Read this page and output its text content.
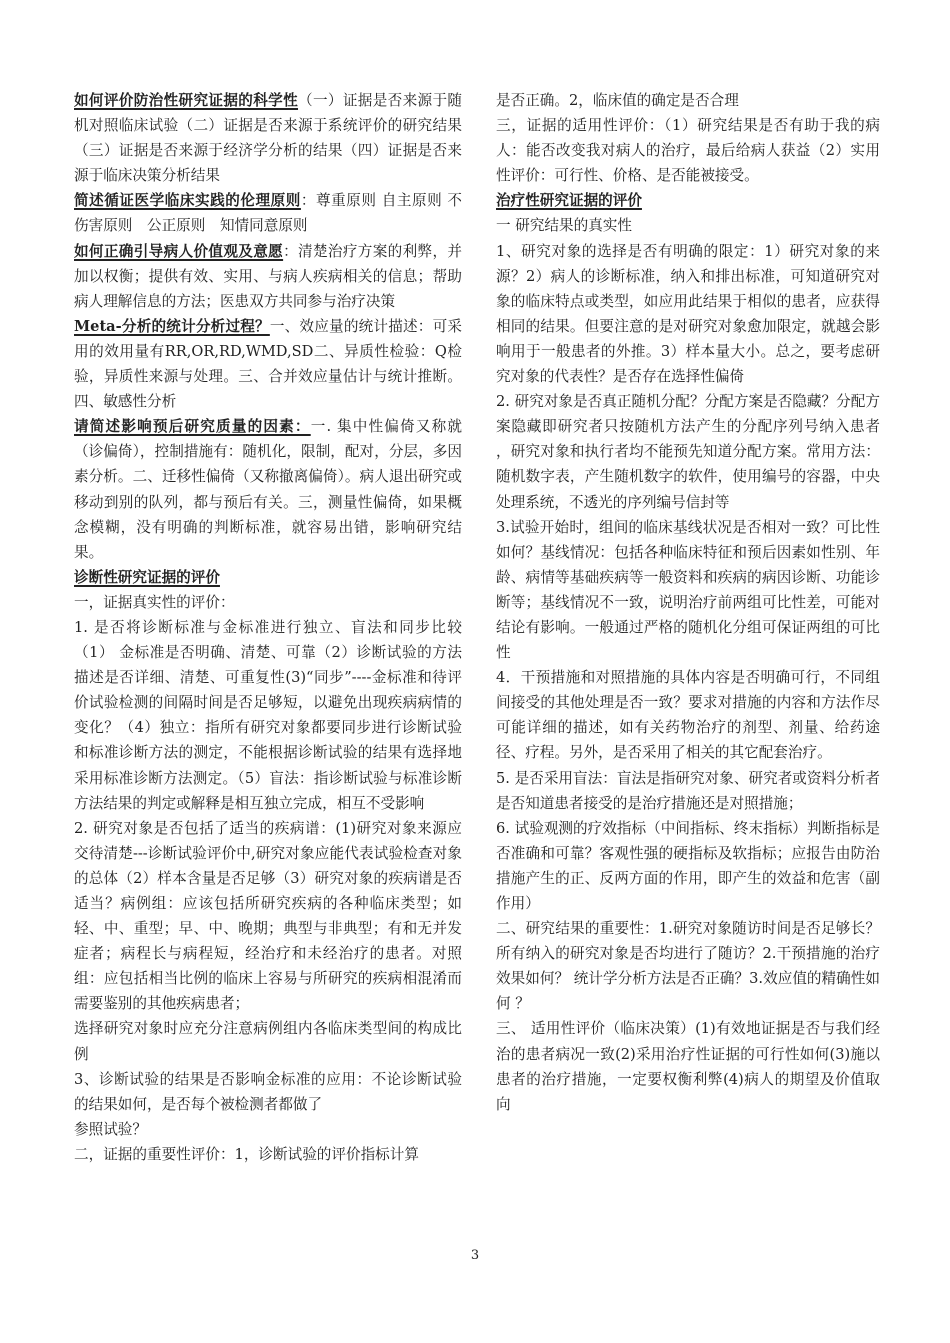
如何评价防治性研究证据的科学性（一）证据是否来源于随机对照临床试验（二）证据是否来源于系统评价的研究结果（三）证据是否来源于经济学分析的结果（四）证据是否来源于临床决策分析结果

简述循证医学临床实践的伦理原则：尊重原则 自主原则 不伤害原则　公正原则　知情同意原则

如何正确引导病人价值观及意愿：清楚治疗方案的利弊，并加以权衡；提供有效、实用、与病人疾病相关的信息；帮助病人理解信息的方法；医患双方共同参与治疗决策

Meta-分析的统计分析过程？一、效应量的统计描述：可采用的效用量有RR,OR,RD,WMD,SD二、异质性检验：Q检验，异质性来源与处理。三、合并效应量估计与统计推断。四、敏感性分析

请简述影响预后研究质量的因素：一. 集中性偏倚又称就（诊偏倚），控制措施有：随机化，限制，配对，分层，多因素分析。二、迁移性偏倚（又称撤离偏倚）。病人退出研究或移动到别的队列，都与预后有关。三，测量性偏倚，如果概念模糊，没有明确的判断标准，就容易出错，影响研究结果。

诊断性研究证据的评价

一，证据真实性的评价：

1. 是否将诊断标准与金标准进行独立、盲法和同步比较（1） 金标准是否明确、清楚、可靠（2）诊断试验的方法描述是否详细、清楚、可重复性(3)“同步”----金标准和待评价试验检测的间隔时间是否足够短，以避免出现疾病病情的变化？（4）独立：指所有研究对象都要同步进行诊断试验和标准诊断方法的测定，不能根据诊断试验的结果有选择地采用标准诊断方法测定。（5）盲法：指诊断试验与标准诊断方法结果的判定或解释是相互独立完成，相互不受影响

2. 研究对象是否包括了适当的疾病谱：(1)研究对象来源应交待清楚---诊断试验评价中,研究对象应能代表试验检查对象的总体（2）样本含量是否足够（3）研究对象的疾病谱是否适当？病例组：应该包括所研究疾病的各种临床类型；如轻、中、重型；早、中、晚期；典型与非典型；有和无并发症者；病程长与病程短，经治疗和未经治疗的患者。对照组：应包括相当比例的临床上容易与所研究的疾病相混淆而需要鉴别的其他疾病患者；

选择研究对象时应充分注意病例组内各临床类型间的构成比例

3、诊断试验的结果是否影响金标准的应用：不论诊断试验的结果如何，是否每个被检测者都做了

参照试验？

二，证据的重要性评价：1，诊断试验的评价指标计算

是否正确。2，临床值的确定是否合理

三，证据的适用性评价：（1）研究结果是否有助于我的病人：能否改变我对病人的治疗，最后给病人获益（2）实用性评价：可行性、价格、是否能被接受。

治疗性研究证据的评价

一 研究结果的真实性

1、研究对象的选择是否有明确的限定：1）研究对象的来源？2）病人的诊断标准，纳入和排出标准，可知道研究对象的临床特点或类型，如应用此结果于相似的患者，应获得相同的结果。但要注意的是对研究对象愈加限定，就越会影响用于一般患者的外推。3）样本量大小。总之，要考虑研究对象的代表性？是否存在选择性偏倚

2. 研究对象是否真正随机分配？分配方案是否隐藏？分配方案隐藏即研究者只按随机方法产生的分配序列号纳入患者 ，研究对象和执行者均不能预先知道分配方案。常用方法：随机数字表，产生随机数字的软件，使用编号的容器，中央处理系统，不透光的序列编号信封等

3.试验开始时，组间的临床基线状况是否相对一致？可比性如何？基线情况：包括各种临床特征和预后因素如性别、年龄、病情等基础疾病等一般资料和疾病的病因诊断、功能诊断等；基线情况不一致，说明治疗前两组可比性差，可能对结论有影响。一般通过严格的随机化分组可保证两组的可比性

4．干预措施和对照措施的具体内容是否明确可行，不同组间接受的其他处理是否一致？要求对措施的内容和方法作尽可能详细的描述，如有关药物治疗的剂型、剂量、给药途径、疗程。另外，是否采用了相关的其它配套治疗。

5. 是否采用盲法：盲法是指研究对象、研究者或资料分析者是否知道患者接受的是治疗措施还是对照措施；

6. 试验观测的疗效指标（中间指标、终末指标）判断指标是否准确和可靠？客观性强的硬指标及软指标；应报告由防治措施产生的正、反两方面的作用，即产生的效益和危害（副作用）

二、研究结果的重要性：1.研究对象随访时间是否足够长？所有纳入的研究对象是否均进行了随访？2.干预措施的治疗效果如何？ 统计学分析方法是否正确？3.效应值的精确性如何 ？

三、 适用性评价（临床决策）(1)有效地证据是否与我们经治的患者病况一致(2)采用治疗性证据的可行性如何(3)施以患者的治疗措施，一定要权衡利弊(4)病人的期望及价值取向

3
